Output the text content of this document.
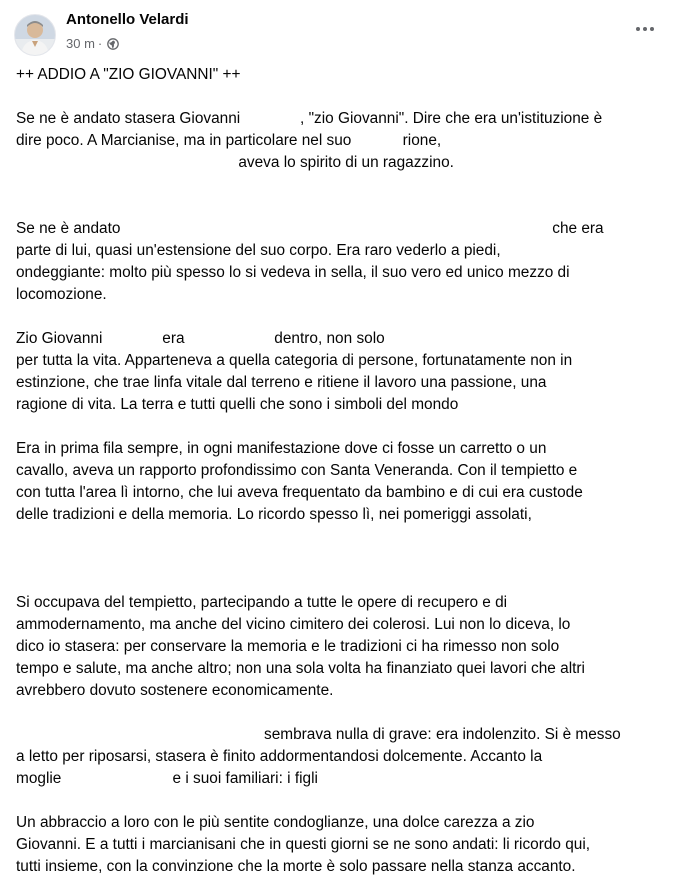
Antonello Velardi
30 m ·
++ ADDIO A "ZIO GIOVANNI" ++
Se ne è andato stasera Giovanni              , "zio Giovanni". Dire che era un'istituzione è
dire poco. A Marcianise, ma in particolare nel suo            rione,
aveva lo spirito di un ragazzino.
Se ne è andato                                                                                                     che era
parte di lui, quasi un'estensione del suo corpo. Era raro vederlo a piedi,
ondeggiante: molto più spesso lo si vedeva in sella, il suo vero ed unico mezzo di
locomozione.
Zio Giovanni              era                     dentro, non solo
per tutta la vita. Apparteneva a quella categoria di persone, fortunatamente non in
estinzione, che trae linfa vitale dal terreno e ritiene il lavoro una passione, una
ragione di vita. La terra e tutti quelli che sono i simboli del mondo
Era in prima fila sempre, in ogni manifestazione dove ci fosse un carretto o un
cavallo, aveva un rapporto profondissimo con Santa Veneranda. Con il tempietto e
con tutta l'area lì intorno, che lui aveva frequentato da bambino e di cui era custode
delle tradizioni e della memoria. Lo ricordo spesso lì, nei pomeriggi assolati,
Si occupava del tempietto, partecipando a tutte le opere di recupero e di
ammodernamento, ma anche del vicino cimitero dei colerosi. Lui non lo diceva, lo
dico io stasera: per conservare la memoria e le tradizioni ci ha rimesso non solo
tempo e salute, ma anche altro; non una sola volta ha finanziato quei lavori che altri
avrebbero dovuto sostenere economicamente.
sembrava nulla di grave: era indolenzito. Si è messo
a letto per riposarsi, stasera è finito addormentandosi dolcemente. Accanto la
moglie                          e i suoi familiari: i figli
Un abbraccio a loro con le più sentite condoglianze, una dolce carezza a zio
Giovanni. E a tutti i marcianisani che in questi giorni se ne sono andati: li ricordo qui,
tutti insieme, con la convinzione che la morte è solo passare nella stanza accanto.
